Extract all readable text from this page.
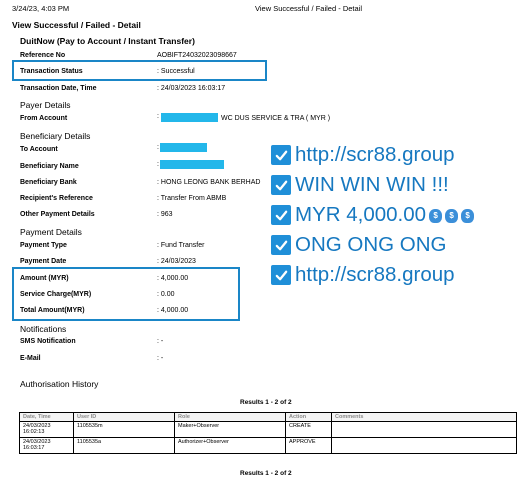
3/24/23, 4:03 PM	View Successful / Failed - Detail
View Successful / Failed - Detail
DuitNow (Pay to Account / Instant Transfer)
Reference No	AOBIFT24032023098667
Transaction Status	: Successful
Transaction Date, Time	: 24/03/2023 16:03:17
Payer Details
From Account	:	WC DUS SERVICE & TRA ( MYR )
Beneficiary Details
To Account	:
Beneficiary Name	:
Beneficiary Bank	: HONG LEONG BANK BERHAD
Recipient's Reference	: Transfer From ABMB
Other Payment Details	: 963
Payment Details
Payment Type	: Fund Transfer
Payment Date	: 24/03/2023
Amount (MYR)	: 4,000.00
Service Charge(MYR)	: 0.00
Total Amount(MYR)	: 4,000.00
Notifications
SMS Notification	: -
E-Mail	: -
Authorisation History
Results 1 - 2 of 2
Date, Time	User ID	Role	Action	Comments
24/03/2023
16:02:13	1105535m	Maker+Observer	CREATE	
24/03/2023
16:03:17	1105535a	Authorizer+Observer	APPROVE	
Results 1 - 2 of 2
http://scr88.group
WIN WIN WIN !!!
MYR 4,000.00 $	$	$
ONG ONG ONG
http://scr88.group
